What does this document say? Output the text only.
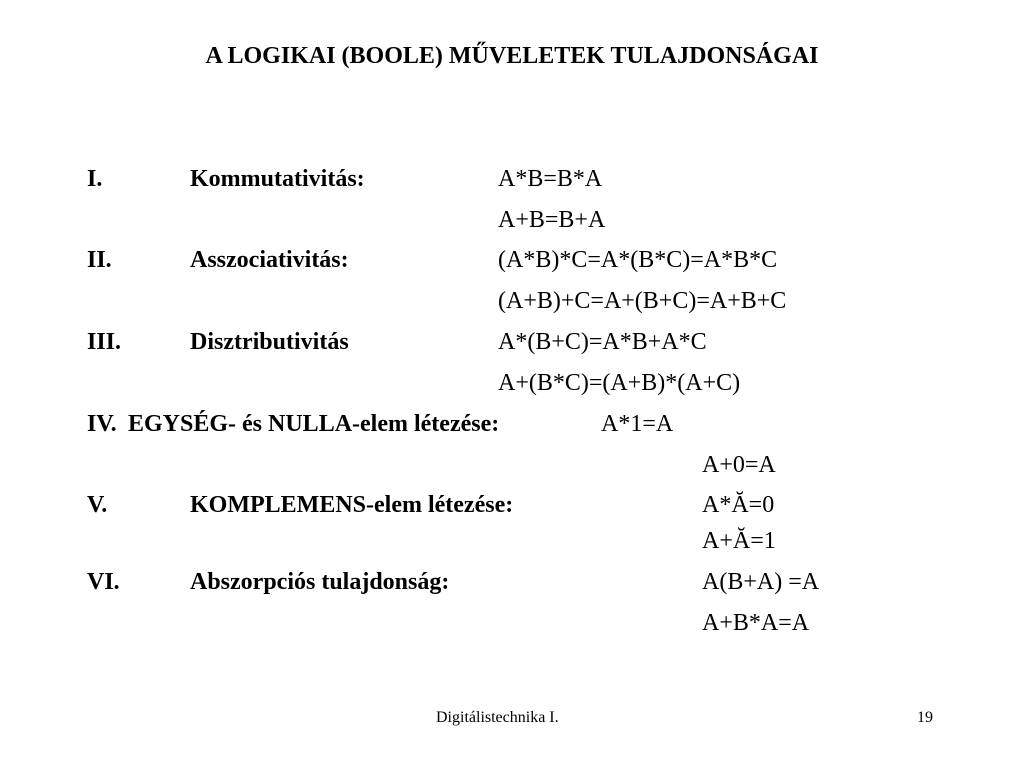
A LOGIKAI (BOOLE) MŰVELETEK TULAJDONSÁGAI
I.	Kommutativitás:	A*B=B*A
A+B=B+A
II.	Asszociativitás:	(A*B)*C=A*(B*C)=A*B*C
(A+B)+C=A+(B+C)=A+B+C
III.	Disztributivitás	A*(B+C)=A*B+A*C
A+(B*C)=(A+B)*(A+C)
IV. EGYSÉG- és NULLA-elem létezése:	A*1=A
A+0=A
V.	KOMPLEMENS-elem létezése:	A*Ă=0
A+Ă=1
VI.	Abszorpciós tulajdonság:	A(B+A) =A
A+B*A=A
Digitálistechnika I.	19
